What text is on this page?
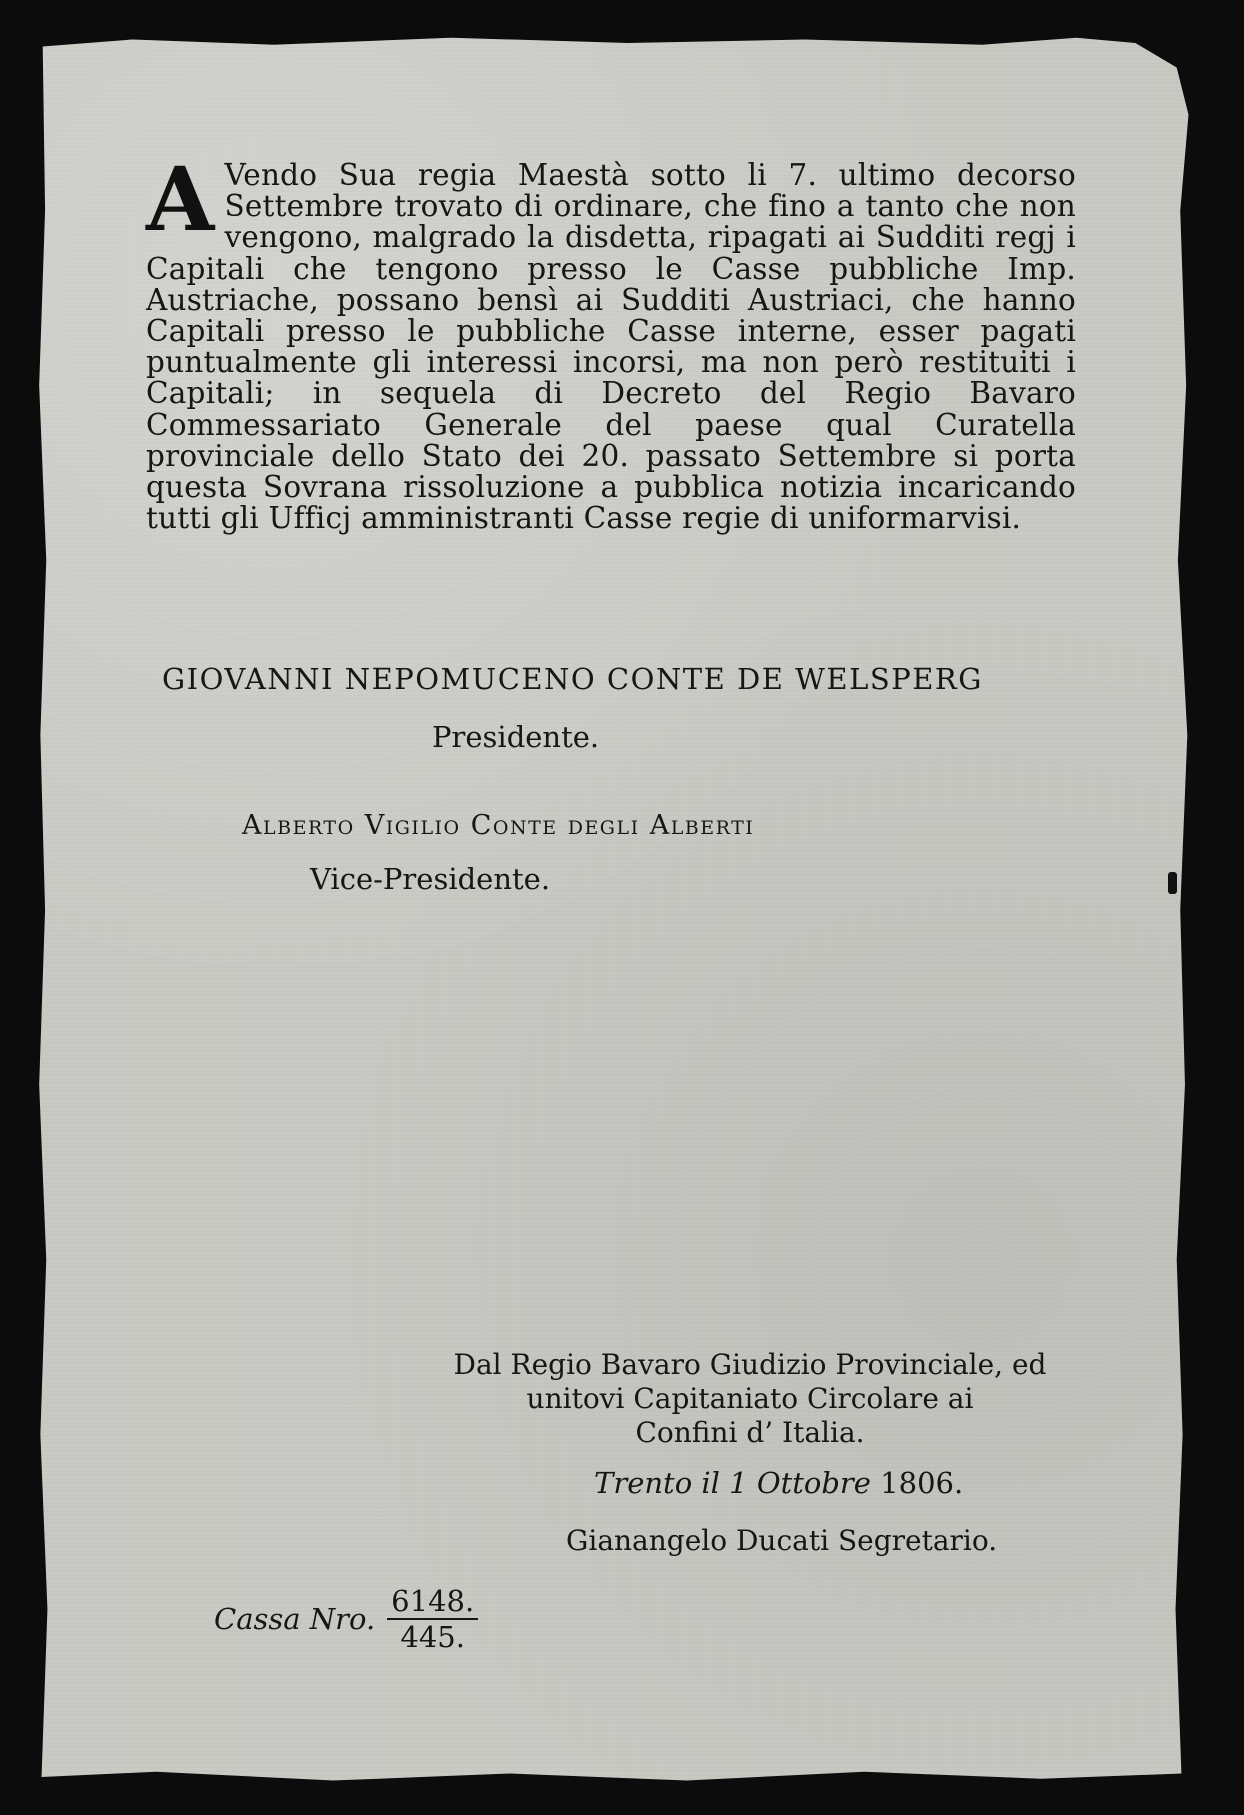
A Vendo Sua regia Maestà sotto li 7. ultimo decorso Settembre trovato di ordinare, che fino a tanto che non vengono, malgrado la disdetta, ripagati ai Sudditi regj i Capitali che tengono presso le Casse pubbliche Imp. Austriache, possano bensì ai Sudditi Austriaci, che hanno Capitali presso le pubbliche Casse interne, esser pagati puntualmente gli interessi incorsi, ma non però restituiti i Capitali; in sequela di Decreto del Regio Bavaro Commessariato Generale del paese qual Curatella provinciale dello Stato dei 20. passato Settembre si porta questa Sovrana rissoluzione a pubblica notizia incaricando tutti gli Ufficj amministranti Casse regie di uniformarvisi.
GIOVANNI NEPOMUCENO CONTE DE WELSPERG
Presidente.
Alberto Vigilio Conte degli Alberti
Vice-Presidente.
Dal Regio Bavaro Giudizio Provinciale, ed
unitovi Capitaniato Circolare ai
Confini d’ Italia.
Trento il 1 Ottobre 1806.
Gianangelo Ducati Segretario.
Cassa Nro. $\frac{6148.}{445.}$
